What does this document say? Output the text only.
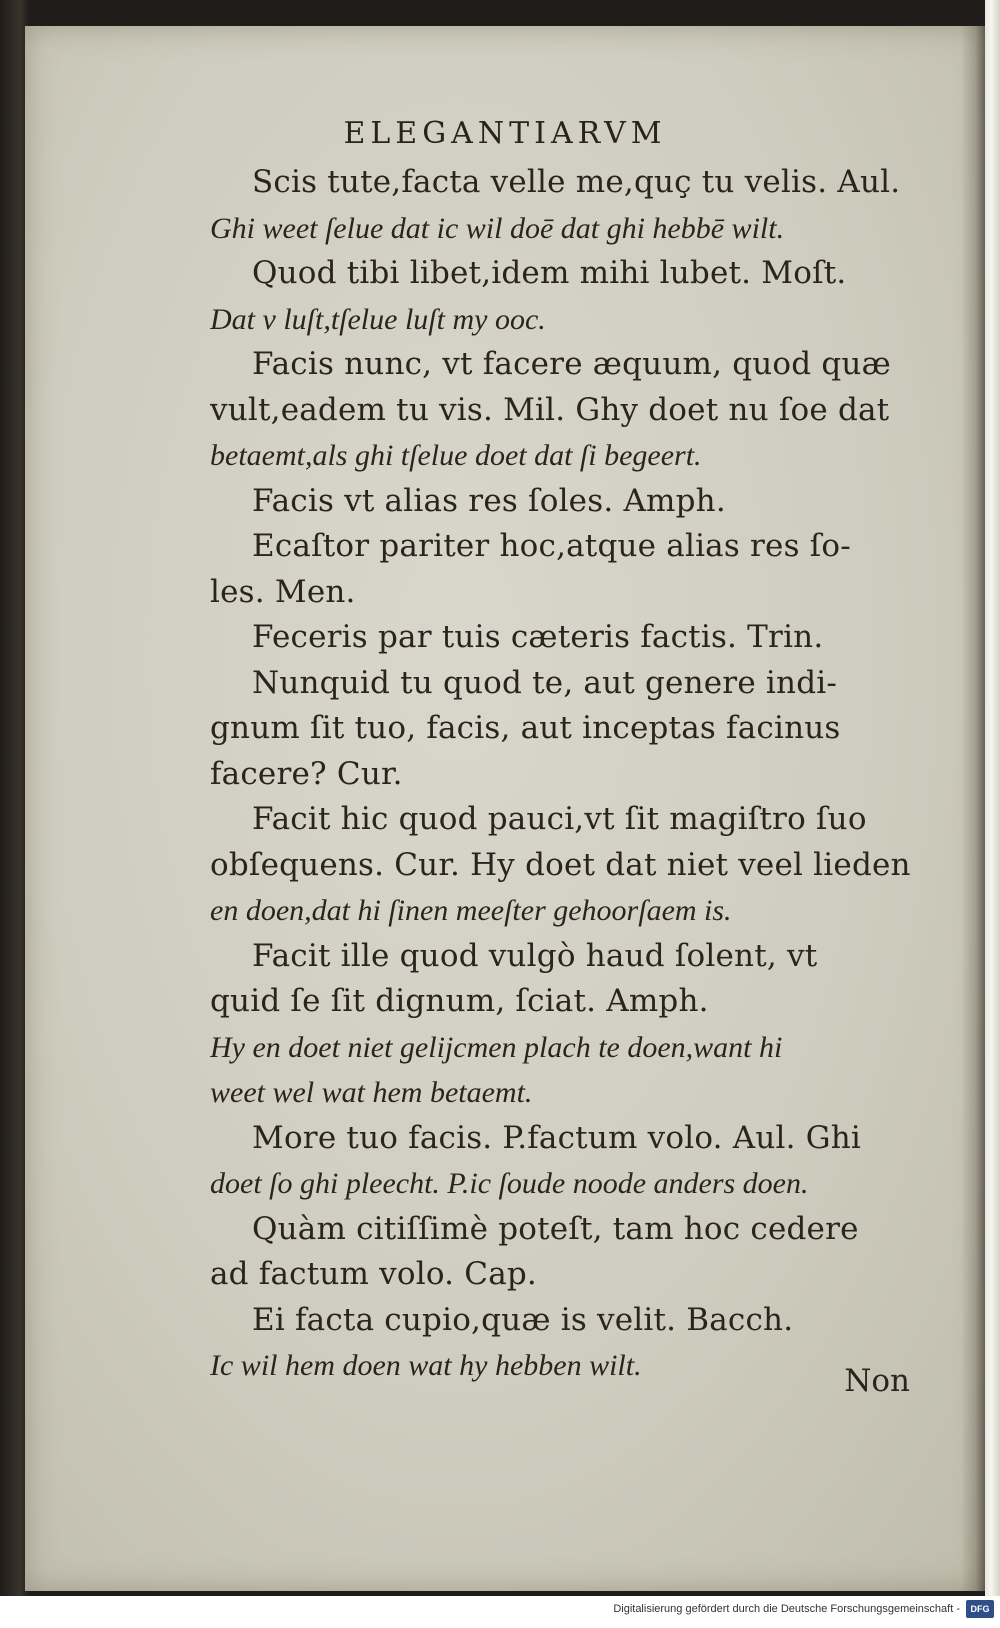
ELEGANTIARVM
Scis tute,facta velle me,quç tu velis. Aul.
Ghi weet ſelue dat ic wil doē dat ghi hebbē wilt.
Quod tibi libet,idem mihi lubet. Moſt.
Dat v luſt,tſelue luſt my ooc.
Facis nunc, vt facere æquum, quod quæ
vult,eadem tu vis. Mil. Ghy doet nu ſoe dat
betaemt,als ghi tſelue doet dat ſi begeert.
Facis vt alias res ſoles. Amph.
Ecaſtor pariter hoc,atque alias res ſo-
les. Men.
Feceris par tuis cæteris factis. Trin.
Nunquid tu quod te, aut genere indi-
gnum ſit tuo, facis, aut inceptas facinus
facere? Cur.
Facit hic quod pauci,vt ſit magiſtro ſuo
obſequens. Cur. Hy doet dat niet veel lieden
en doen,dat hi ſinen meeſter gehoorſaem is.
Facit ille quod vulgò haud ſolent, vt
quid ſe ſit dignum, ſciat. Amph.
Hy en doet niet gelijcmen plach te doen,want hi
weet wel wat hem betaemt.
More tuo facis. P.factum volo. Aul. Ghi
doet ſo ghi pleecht. P.ic ſoude noode anders doen.
Quàm citiſſimè poteſt, tam hoc cedere
ad factum volo. Cap.
Ei facta cupio,quæ is velit. Bacch.
Ic wil hem doen wat hy hebben wilt.	Non
Digitalisierung gefördert durch die Deutsche Forschungsgemeinschaft -	DFG
